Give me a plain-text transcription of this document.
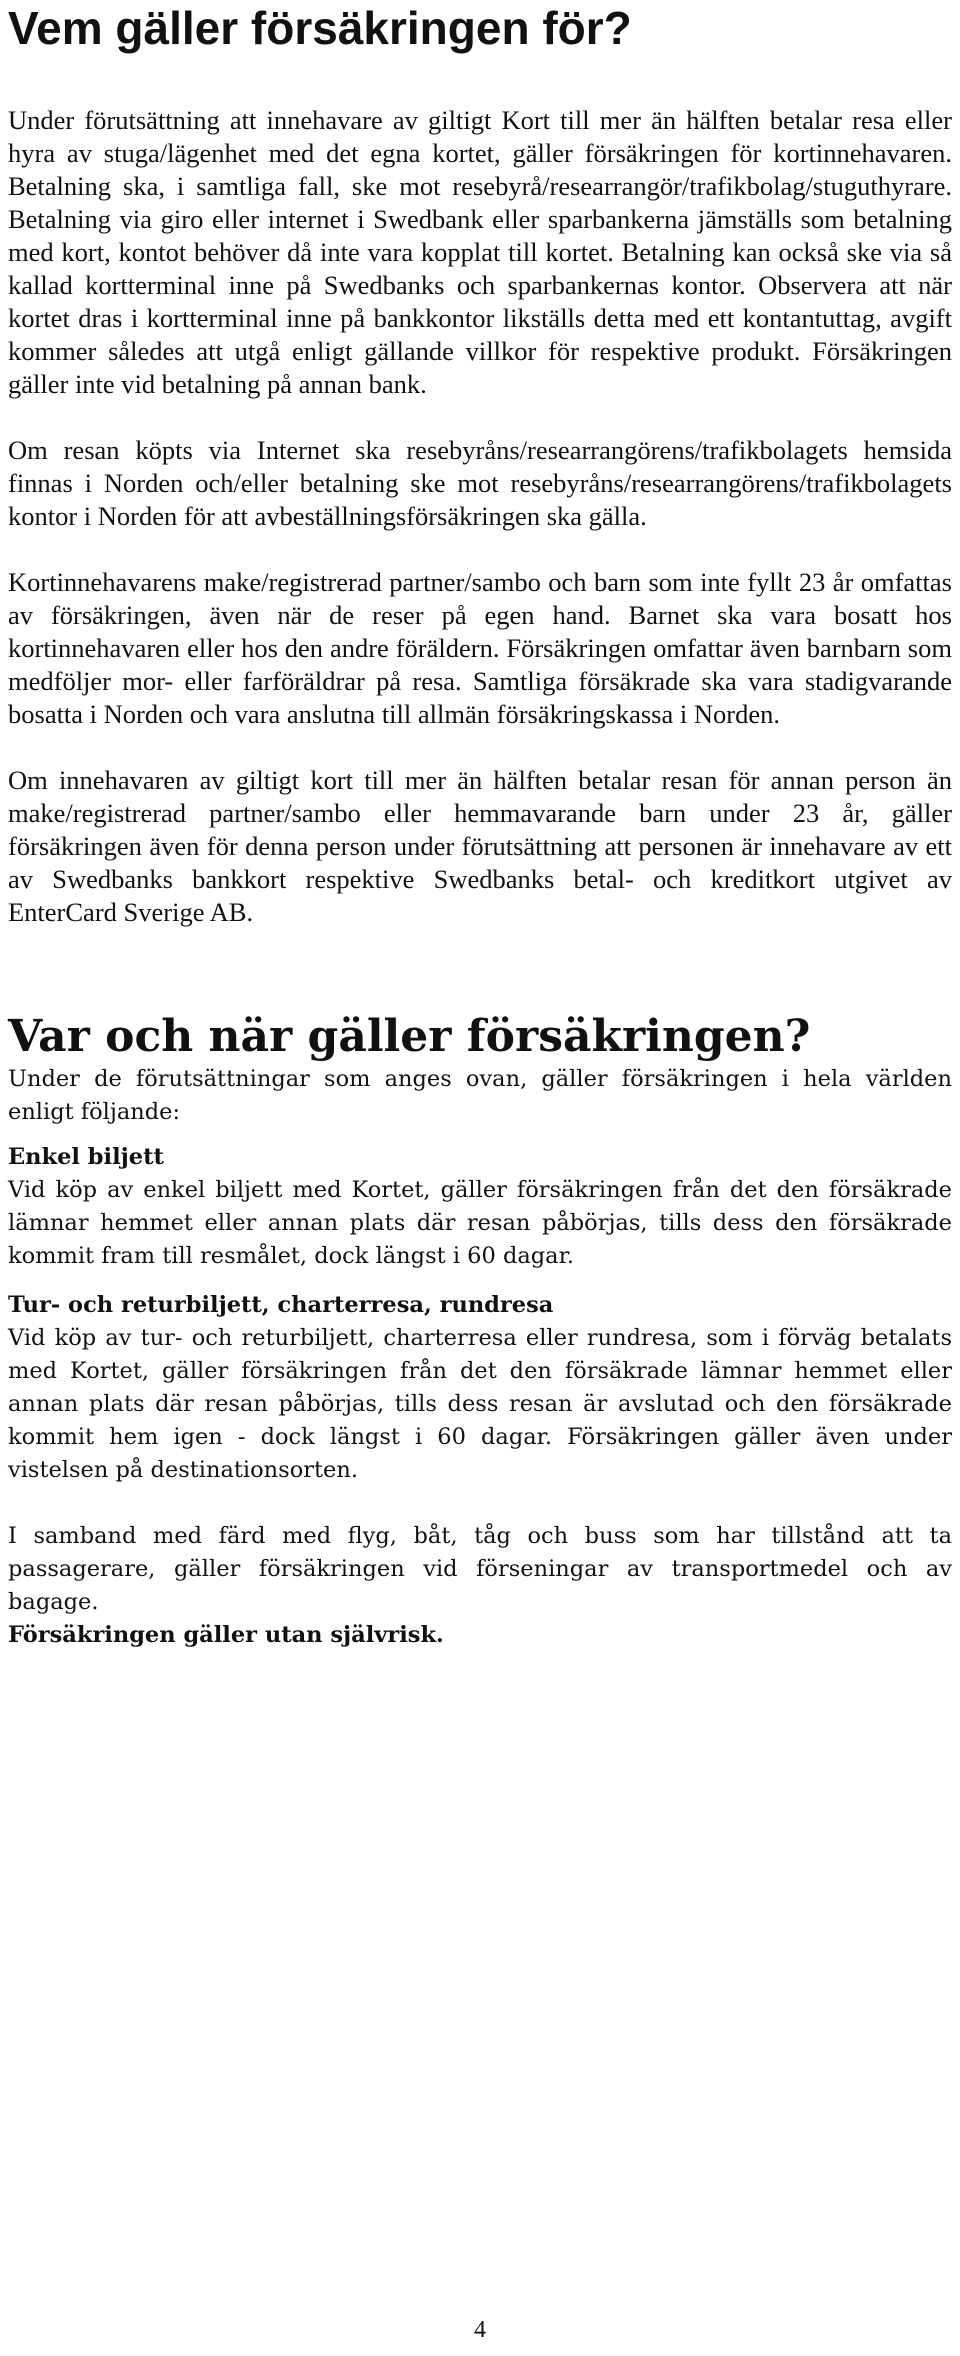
Vem gäller försäkringen för?

Under förutsättning att innehavare av giltigt Kort till mer än hälften betalar resa eller hyra av stuga/lägenhet med det egna kortet, gäller försäkringen för kortinnehavaren. Betalning ska, i samtliga fall, ske mot resebyrå/researrangör/trafikbolag/stuguthyrare. Betalning via giro eller internet i Swedbank eller sparbankerna jämställs som betalning med kort, kontot behöver då inte vara kopplat till kortet. Betalning kan också ske via så kallad kortterminal inne på Swedbanks och sparbankernas kontor. Observera att när kortet dras i kortterminal inne på bankkontor likställs detta med ett kontantuttag, avgift kommer således att utgå enligt gällande villkor för respektive produkt. Försäkringen gäller inte vid betalning på annan bank.

Om resan köpts via Internet ska resebyråns/researrangörens/trafikbolagets hemsida finnas i Norden och/eller betalning ske mot resebyråns/researrangörens/trafikbolagets kontor i Norden för att avbeställningsförsäkringen ska gälla.

Kortinnehavarens make/registrerad partner/sambo och barn som inte fyllt 23 år omfattas av försäkringen, även när de reser på egen hand. Barnet ska vara bosatt hos kortinnehavaren eller hos den andre föräldern. Försäkringen omfattar även barnbarn som medföljer mor- eller farföräldrar på resa. Samtliga försäkrade ska vara stadigvarande bosatta i Norden och vara anslutna till allmän försäkringskassa i Norden.

Om innehavaren av giltigt kort till mer än hälften betalar resan för annan person än make/registrerad partner/sambo eller hemmavarande barn under 23 år, gäller försäkringen även för denna person under förutsättning att personen är innehavare av ett av Swedbanks bankkort respektive Swedbanks betal- och kreditkort utgivet av EnterCard Sverige AB.

Var och när gäller försäkringen?

Under de förutsättningar som anges ovan, gäller försäkringen i hela världen enligt följande:

Enkel biljett

Vid köp av enkel biljett med Kortet, gäller försäkringen från det den försäkrade lämnar hemmet eller annan plats där resan påbörjas, tills dess den försäkrade kommit fram till resmålet, dock längst i 60 dagar.

Tur- och returbiljett, charterresa, rundresa

Vid köp av tur- och returbiljett, charterresa eller rundresa, som i förväg betalats med Kortet, gäller försäkringen från det den försäkrade lämnar hemmet eller annan plats där resan påbörjas, tills dess resan är avslutad och den försäkrade kommit hem igen - dock längst i 60 dagar. Försäkringen gäller även under vistelsen på destinationsorten.

I samband med färd med flyg, båt, tåg och buss som har tillstånd att ta passagerare, gäller försäkringen vid förseningar av transportmedel och av bagage.

Försäkringen gäller utan självrisk.

4
